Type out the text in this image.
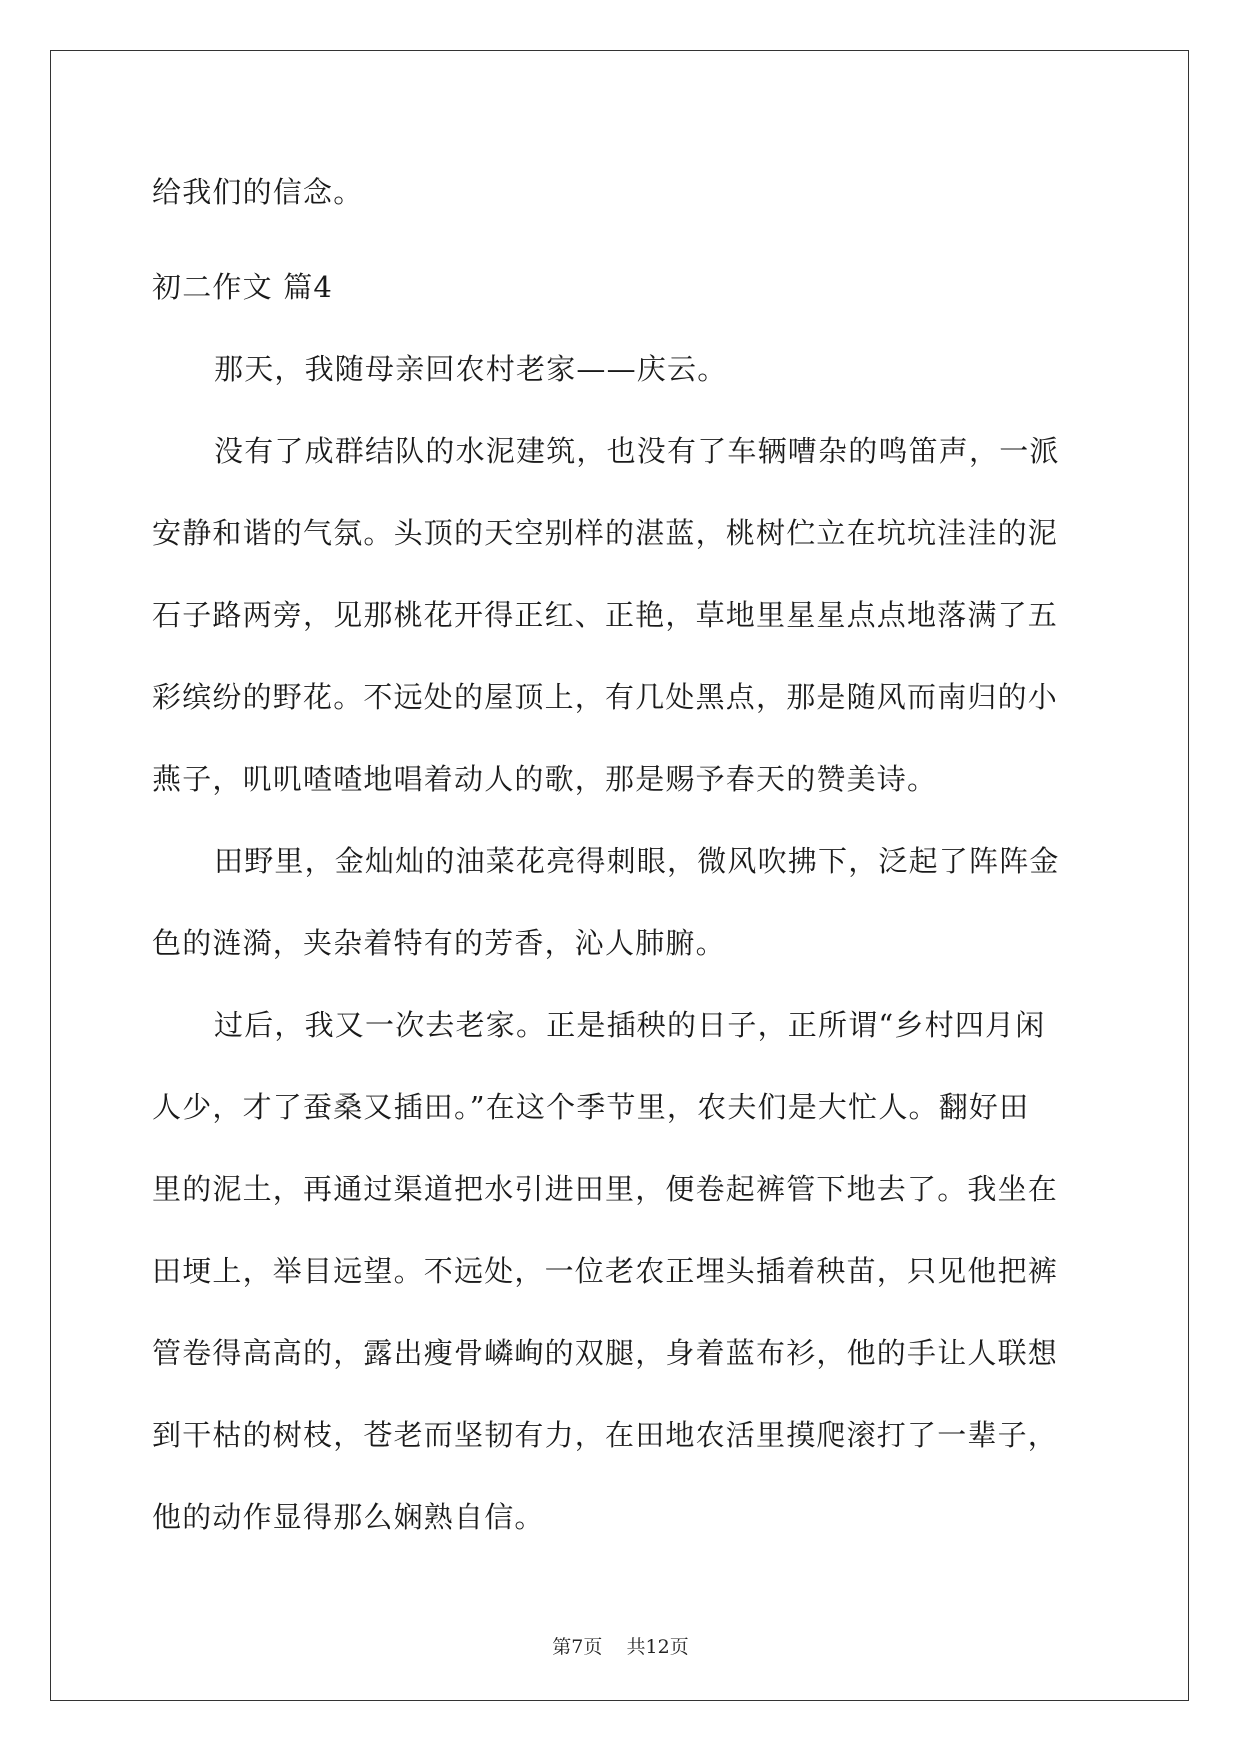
给我们的信念。

初二作文 篇4

那天，我随母亲回农村老家——庆云。

没有了成群结队的水泥建筑，也没有了车辆嘈杂的鸣笛声，一派

安静和谐的气氛。头顶的天空别样的湛蓝，桃树伫立在坑坑洼洼的泥

石子路两旁，见那桃花开得正红、正艳，草地里星星点点地落满了五

彩缤纷的野花。不远处的屋顶上，有几处黑点，那是随风而南归的小

燕子，叽叽喳喳地唱着动人的歌，那是赐予春天的赞美诗。

田野里，金灿灿的油菜花亮得刺眼，微风吹拂下，泛起了阵阵金

色的涟漪，夹杂着特有的芳香，沁人肺腑。

过后，我又一次去老家。正是插秧的日子，正所谓“乡村四月闲

人少，才了蚕桑又插田。”在这个季节里，农夫们是大忙人。翻好田

里的泥土，再通过渠道把水引进田里，便卷起裤管下地去了。我坐在

田埂上，举目远望。不远处，一位老农正埋头插着秧苗，只见他把裤

管卷得高高的，露出瘦骨嶙峋的双腿，身着蓝布衫，他的手让人联想

到干枯的树枝，苍老而坚韧有力，在田地农活里摸爬滚打了一辈子，

他的动作显得那么娴熟自信。

第7页    共12页
